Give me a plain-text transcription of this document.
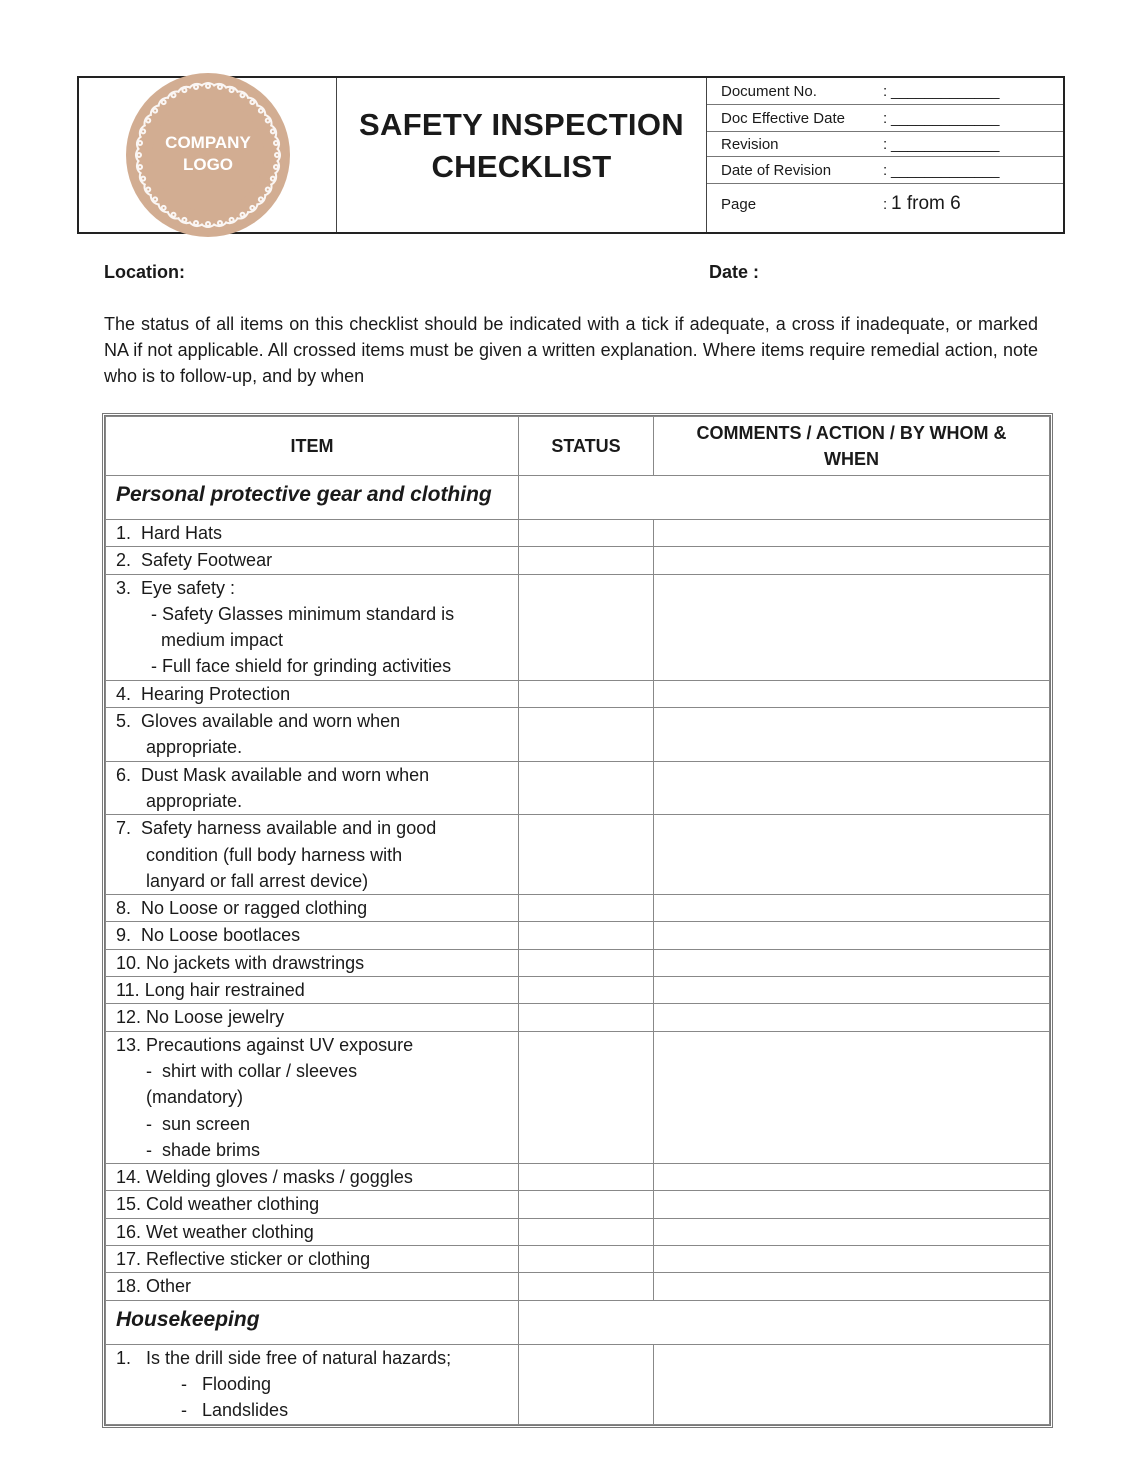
COMPANY
LOGO
SAFETY INSPECTION
CHECKLIST
Document No.	: _____________
Doc Effective Date	: _____________
Revision	: _____________
Date of Revision	: _____________
Page	: 1 from 6
Location:	Date :

The status of all items on this checklist should be indicated with a tick if adequate, a cross if inadequate, or marked NA if not applicable. All crossed items must be given a written explanation. Where items require remedial action, note who is to follow-up, and by when

ITEM	STATUS	COMMENTS / ACTION / BY WHOM & WHEN
Personal protective gear and clothing		

1.  Hard Hats		

2.  Safety Footwear		

3.  Eye safety :
- Safety Glasses minimum standard is
medium impact
- Full face shield for grinding activities		

4.  Hearing Protection		

5.  Gloves available and worn when
appropriate.		

6.  Dust Mask available and worn when
appropriate.		

7.  Safety harness available and in good
condition (full body harness with
lanyard or fall arrest device)		

8.  No Loose or ragged clothing		

9.  No Loose bootlaces		

10. No jackets with drawstrings		

11. Long hair restrained		

12. No Loose jewelry		

13. Precautions against UV exposure
-  shirt with collar / sleeves
(mandatory)
-  sun screen
-  shade brims		

14. Welding gloves / masks / goggles		

15. Cold weather clothing		

16. Wet weather clothing		

17. Reflective sticker or clothing		

18. Other		

Housekeeping		

1.   Is the drill side free of natural hazards;
-   Flooding
-   Landslides		
